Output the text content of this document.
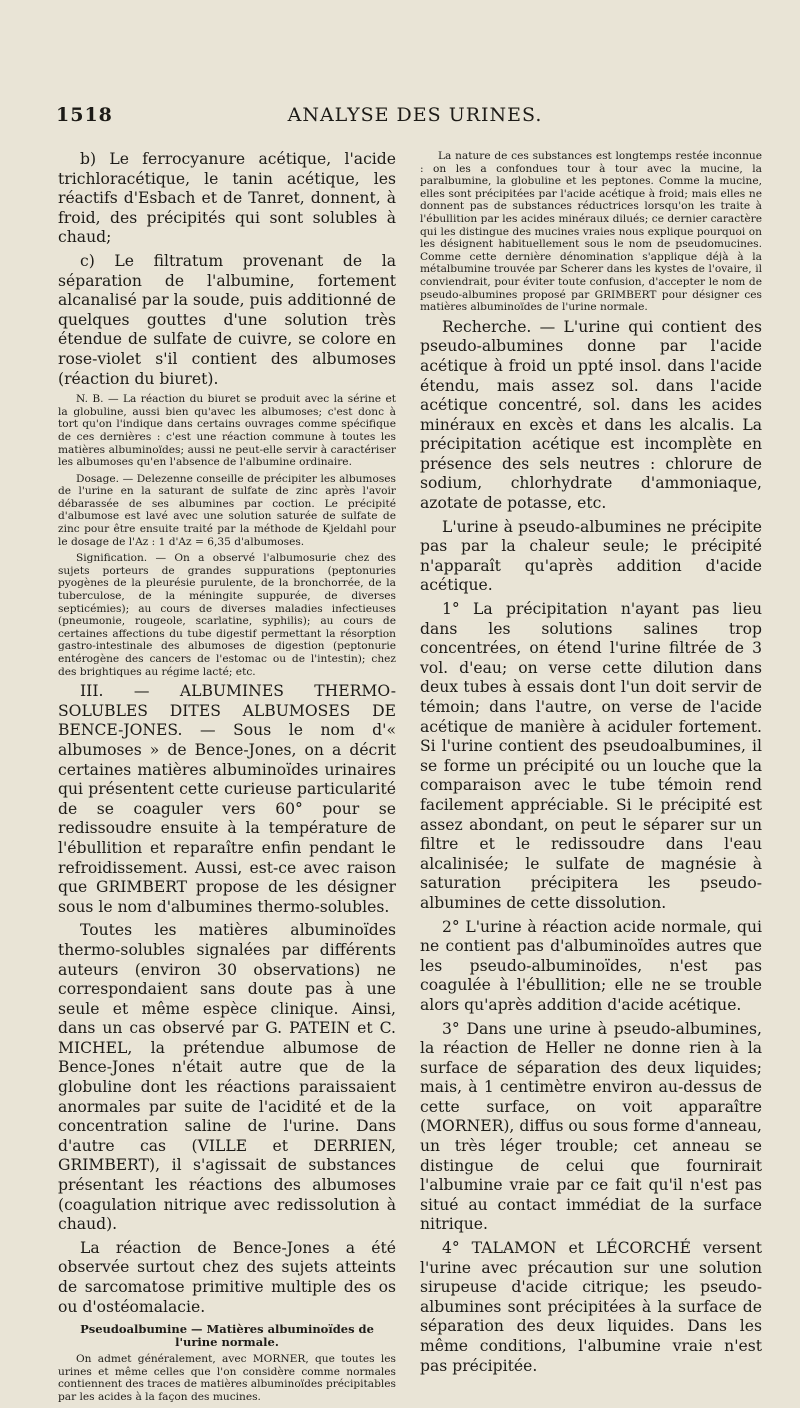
1518	ANALYSE DES URINES.

b) Le ferrocyanure acétique, l'acide trichloracétique, le tanin acétique, les réactifs d'Esbach et de Tanret, donnent, à froid, des précipités qui sont solubles à chaud;

c) Le filtratum provenant de la séparation de l'albumine, fortement alcanalisé par la soude, puis additionné de quelques gouttes d'une solution très étendue de sulfate de cuivre, se colore en rose-violet s'il contient des albumoses (réaction du biuret).

N. B. — La réaction du biuret se produit avec la sérine et la globuline, aussi bien qu'avec les albumoses; c'est donc à tort qu'on l'indique dans certains ouvrages comme spécifique de ces dernières : c'est une réaction commune à toutes les matières albuminoïdes; aussi ne peut-elle servir à caractériser les albumoses qu'en l'absence de l'albumine ordinaire.

Dosage. — Delezenne conseille de précipiter les albumoses de l'urine en la saturant de sulfate de zinc après l'avoir débarassée de ses albumines par coction. Le précipité d'albumose est lavé avec une solution saturée de sulfate de zinc pour être ensuite traité par la méthode de Kjeldahl pour le dosage de l'Az : 1 d'Az = 6,35 d'albumoses.

Signification. — On a observé l'albumosurie chez des sujets porteurs de grandes suppurations (peptonuries pyogènes de la pleurésie purulente, de la bronchorrée, de la tuberculose, de la méningite suppurée, de diverses septicémies); au cours de diverses maladies infectieuses (pneumonie, rougeole, scarlatine, syphilis); au cours de certaines affections du tube digestif permettant la résorption gastro-intestinale des albumoses de digestion (peptonurie entérogène des cancers de l'estomac ou de l'intestin); chez des brightiques au régime lacté; etc.

III. — ALBUMINES THERMO-SOLUBLES DITES ALBUMOSES DE BENCE-JONES. — Sous le nom d'« albumoses » de Bence-Jones, on a décrit certaines matières albuminoïdes urinaires qui présentent cette curieuse particularité de se coaguler vers 60° pour se redissoudre ensuite à la température de l'ébullition et reparaître enfin pendant le refroidissement. Aussi, est-ce avec raison que GRIMBERT propose de les désigner sous le nom d'albumines thermo-solubles.

Toutes les matières albuminoïdes thermo-solubles signalées par différents auteurs (environ 30 observations) ne correspondaient sans doute pas à une seule et même espèce clinique. Ainsi, dans un cas observé par G. PATEIN et C. MICHEL, la prétendue albumose de Bence-Jones n'était autre que de la globuline dont les réactions paraissaient anormales par suite de l'acidité et de la concentration saline de l'urine. Dans d'autre cas (VILLE et DERRIEN, GRIMBERT), il s'agissait de substances présentant les réactions des albumoses (coagulation nitrique avec redissolution à chaud).

La réaction de Bence-Jones a été observée surtout chez des sujets atteints de sarcomatose primitive multiple des os ou d'ostéomalacie.

Pseudoalbumine — Matières albuminoïdes de l'urine normale.

On admet généralement, avec MORNER, que toutes les urines et même celles que l'on considère comme normales contiennent des traces de matières albuminoïdes précipitables par les acides à la façon des mucines.

La nature de ces substances est longtemps restée inconnue : on les a confondues tour à tour avec la mucine, la paralbumine, la globuline et les peptones. Comme la mucine, elles sont précipitées par l'acide acétique à froid; mais elles ne donnent pas de substances réductrices lorsqu'on les traite à l'ébullition par les acides minéraux dilués; ce dernier caractère qui les distingue des mucines vraies nous explique pourquoi on les désignent habituellement sous le nom de pseudomucines. Comme cette dernière dénomination s'applique déjà à la métalbumine trouvée par Scherer dans les kystes de l'ovaire, il conviendrait, pour éviter toute confusion, d'accepter le nom de pseudo-albumines proposé par GRIMBERT pour désigner ces matières albuminoïdes de l'urine normale.

Recherche. — L'urine qui contient des pseudo-albumines donne par l'acide acétique à froid un ppté insol. dans l'acide étendu, mais assez sol. dans l'acide acétique concentré, sol. dans les acides minéraux en excès et dans les alcalis. La précipitation acétique est incomplète en présence des sels neutres : chlorure de sodium, chlorhydrate d'ammoniaque, azotate de potasse, etc.

L'urine à pseudo-albumines ne précipite pas par la chaleur seule; le précipité n'apparaît qu'après addition d'acide acétique.

1° La précipitation n'ayant pas lieu dans les solutions salines trop concentrées, on étend l'urine filtrée de 3 vol. d'eau; on verse cette dilution dans deux tubes à essais dont l'un doit servir de témoin; dans l'autre, on verse de l'acide acétique de manière à aciduler fortement. Si l'urine contient des pseudoalbumines, il se forme un précipité ou un louche que la comparaison avec le tube témoin rend facilement appréciable. Si le précipité est assez abondant, on peut le séparer sur un filtre et le redissoudre dans l'eau alcalinisée; le sulfate de magnésie à saturation précipitera les pseudo-albumines de cette dissolution.

2° L'urine à réaction acide normale, qui ne contient pas d'albuminoïdes autres que les pseudo-albuminoïdes, n'est pas coagulée à l'ébullition; elle ne se trouble alors qu'après addition d'acide acétique.

3° Dans une urine à pseudo-albumines, la réaction de Heller ne donne rien à la surface de séparation des deux liquides; mais, à 1 centimètre environ au-dessus de cette surface, on voit apparaître (MORNER), diffus ou sous forme d'anneau, un très léger trouble; cet anneau se distingue de celui que fournirait l'albumine vraie par ce fait qu'il n'est pas situé au contact immédiat de la surface nitrique.

4° TALAMON et LÉCORCHÉ versent l'urine avec précaution sur une solution sirupeuse d'acide citrique; les pseudo-albumines sont précipitées à la surface de séparation des deux liquides. Dans les même conditions, l'albumine vraie n'est pas précipitée.
